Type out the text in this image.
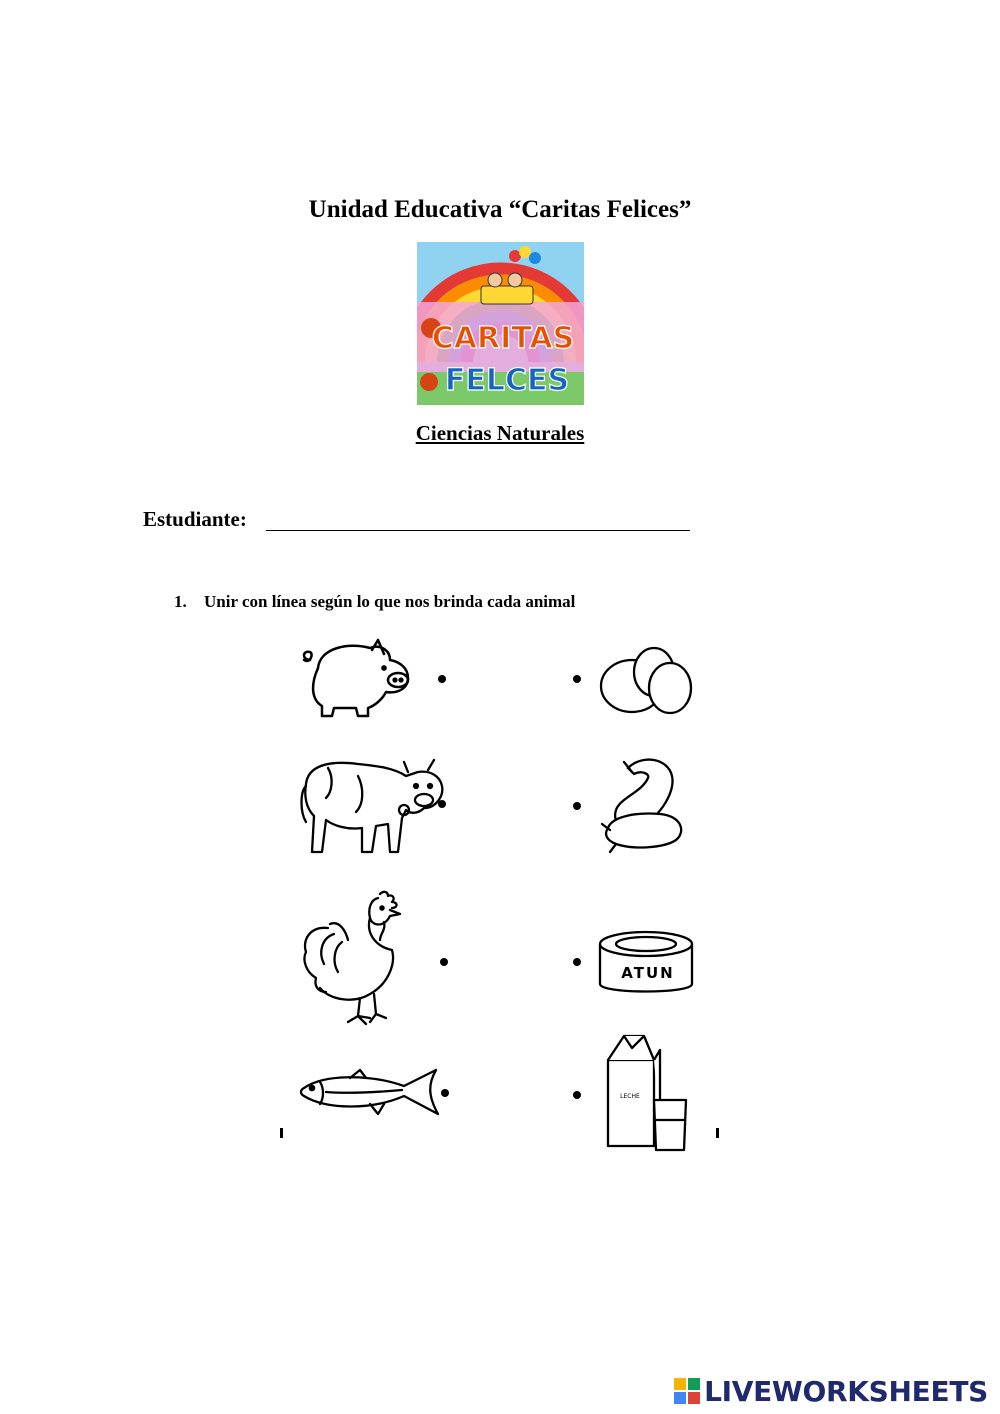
Unidad Educativa “Caritas Felices”
CARITAS
FELCES
Ciencias Naturales
Estudiante:
1. Unir con línea según lo que nos brinda cada animal
ATUN
LECHE
LIVEWORKSHEETS
